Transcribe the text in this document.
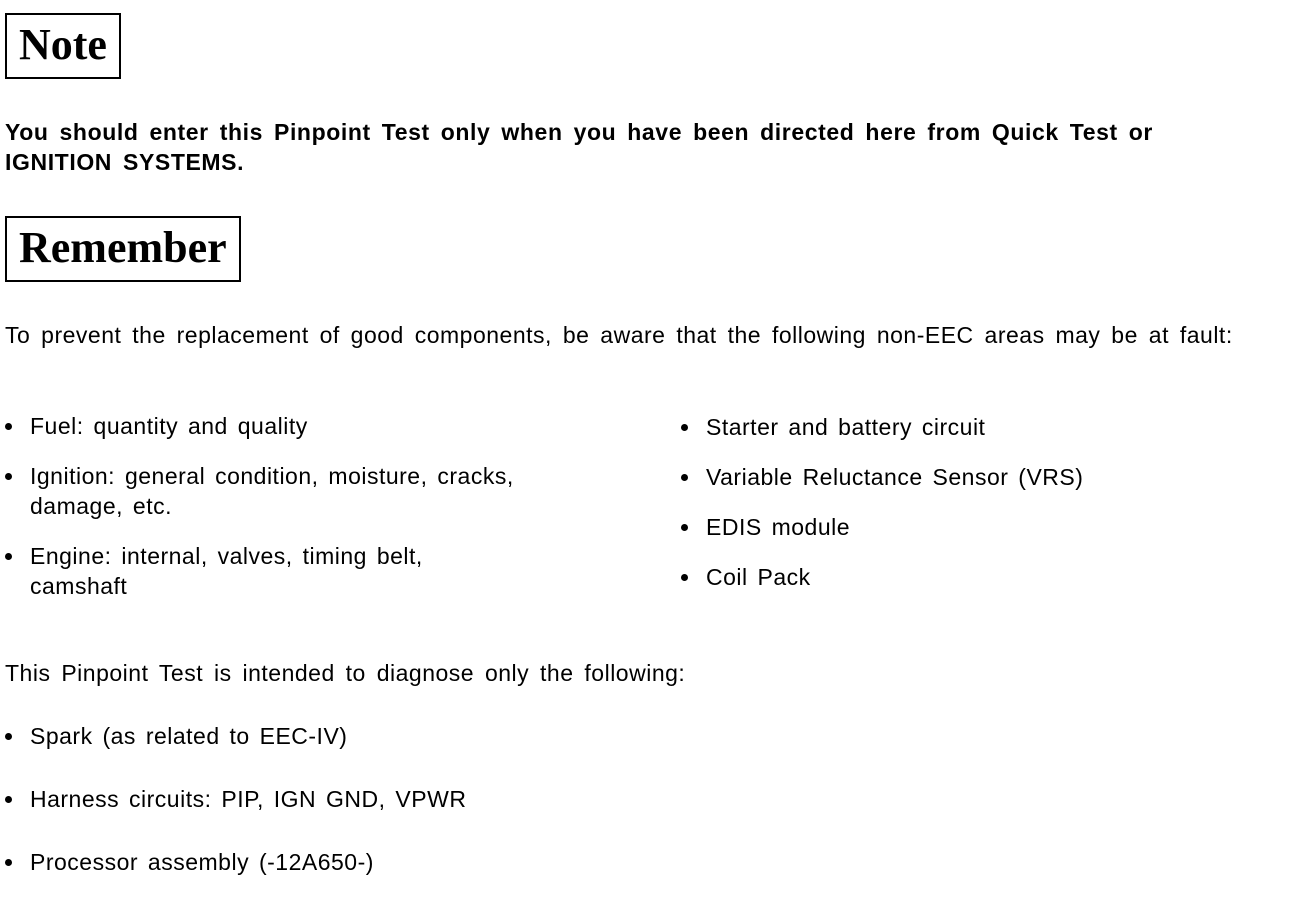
Note
You should enter this Pinpoint Test only when you have been directed here from Quick Test or IGNITION SYSTEMS.
Remember
To prevent the replacement of good components, be aware that the following non-EEC areas may be at fault:
Fuel: quantity and quality
Ignition: general condition, moisture, cracks, damage, etc.
Engine: internal, valves, timing belt, camshaft
Starter and battery circuit
Variable Reluctance Sensor (VRS)
EDIS module
Coil Pack
This Pinpoint Test is intended to diagnose only the following:
Spark (as related to EEC-IV)
Harness circuits: PIP, IGN GND, VPWR
Processor assembly (-12A650-)
